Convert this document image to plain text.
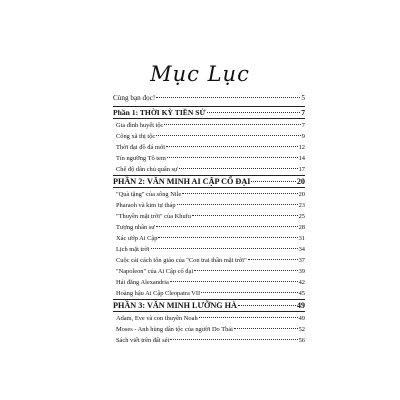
Mục Lục
Cùng bạn đọc!	5
Phần 1: THỜI KỲ TIỀN SỬ	7
Gia đình huyết tộc	7
Công xã thị tộc	9
Thời đại đồ đá mới	12
Tín ngưỡng Tô tem	14
Chế độ dân chủ quân sự	17
PHẦN 2: VĂN MINH AI CẬP CỔ ĐẠI	20
"Quà tặng" của sông Nile	20
Pharaoh và kim tự tháp	23
"Thuyền mặt trời" của Khufu	25
Tượng nhân sư	28
Xác ướp Ai Cập	31
Lịch mặt trời	34
Cuộc cải cách tôn giáo của "Con trai thần mặt trời"	37
"Napoleon" của Ai Cập cổ đại	39
Hải đăng Alexandria	42
Hoàng hậu Ai Cập Cleopatra VII	45
PHẦN 3: VĂN MINH LƯỠNG HÀ	49
Adam, Eve và con thuyền Noah	49
Moses - Anh hùng dân tộc của người Do Thái	52
Sách viết trên đất sét	56
